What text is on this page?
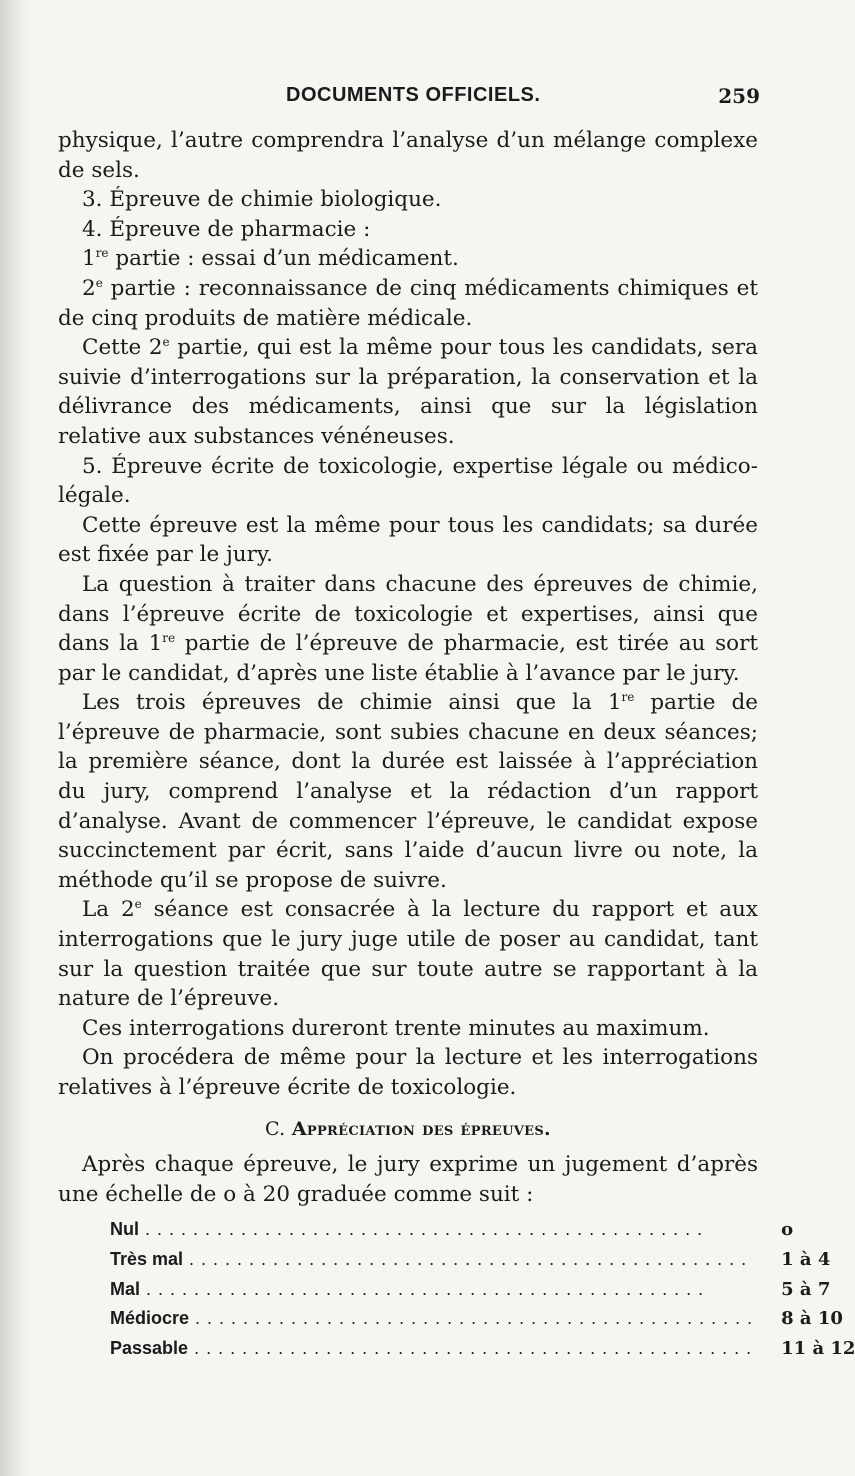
DOCUMENTS OFFICIELS.	259

physique, l’autre comprendra l’analyse d’un mélange complexe de sels.

3. Épreuve de chimie biologique.

4. Épreuve de pharmacie :

1re partie : essai d’un médicament.

2e partie : reconnaissance de cinq médicaments chimiques et de cinq produits de matière médicale.

Cette 2e partie, qui est la même pour tous les candidats, sera suivie d’interrogations sur la préparation, la conservation et la délivrance des médicaments, ainsi que sur la législation relative aux substances vénéneuses.

5. Épreuve écrite de toxicologie, expertise légale ou médico-légale.

Cette épreuve est la même pour tous les candidats; sa durée est fixée par le jury.

La question à traiter dans chacune des épreuves de chimie, dans l’épreuve écrite de toxicologie et expertises, ainsi que dans la 1re partie de l’épreuve de pharmacie, est tirée au sort par le candidat, d’après une liste établie à l’avance par le jury.

Les trois épreuves de chimie ainsi que la 1re partie de l’épreuve de pharmacie, sont subies chacune en deux séances; la première séance, dont la durée est laissée à l’appréciation du jury, comprend l’analyse et la rédaction d’un rapport d’analyse. Avant de commencer l’épreuve, le candidat expose succinctement par écrit, sans l’aide d’aucun livre ou note, la méthode qu’il se propose de suivre.

La 2e séance est consacrée à la lecture du rapport et aux interrogations que le jury juge utile de poser au candidat, tant sur la question traitée que sur toute autre se rapportant à la nature de l’épreuve.

Ces interrogations dureront trente minutes au maximum.

On procédera de même pour la lecture et les interrogations relatives à l’épreuve écrite de toxicologie.

C. Appréciation des épreuves.

Après chaque épreuve, le jury exprime un jugement d’après une échelle de o à 20 graduée comme suit :

Nul . . .	o
Très mal . . .	1 à 4
Mal . . .	5 à 7
Médiocre . . .	8 à 10
Passable . . .	11 à 12
